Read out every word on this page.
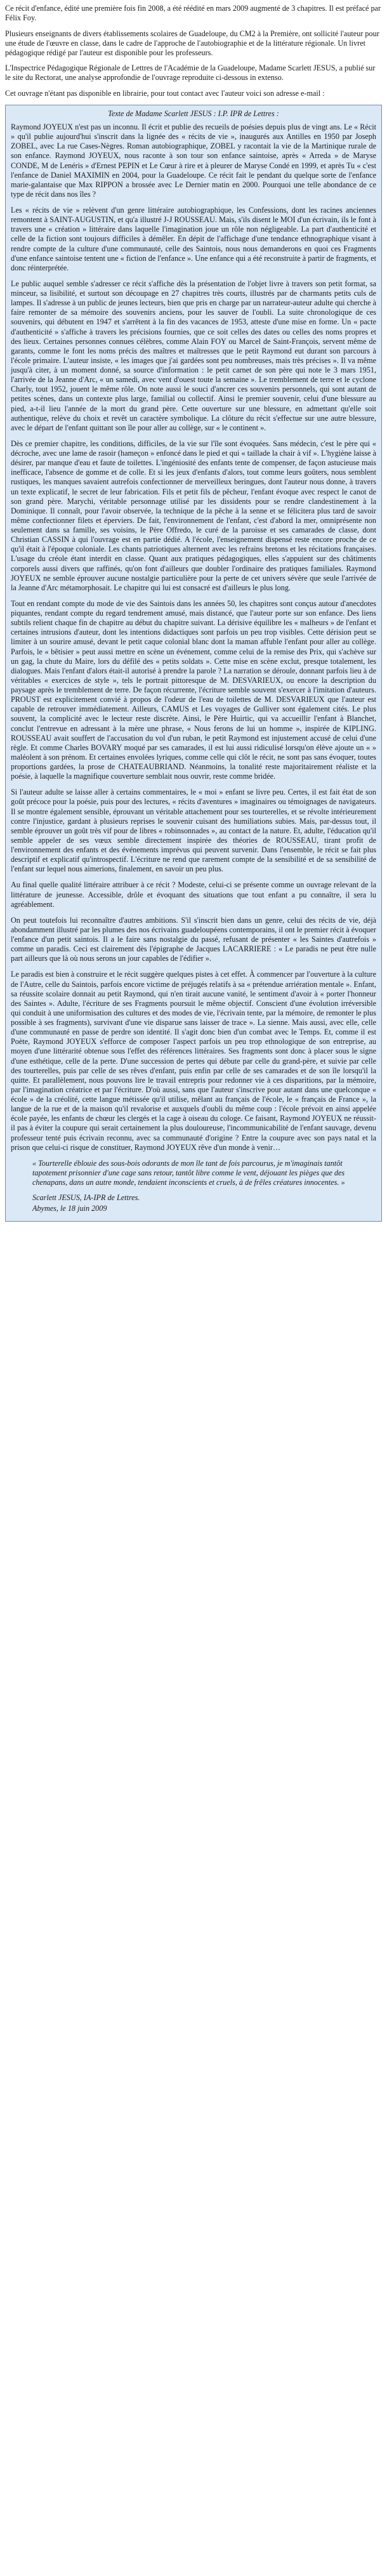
Ce récit d'enfance, édité une première fois fin 2008, a été réédité en mars 2009 augmenté de 3 chapitres. Il est préfacé par Félix Foy.

Plusieurs enseignants de divers établissements scolaires de Guadeloupe, du CM2 à la Première, ont sollicité l'auteur pour une étude de l'œuvre en classe, dans le cadre de l'approche de l'autobiographie et de la littérature régionale. Un livret pédagogique rédigé par l'auteur est disponible pour les professeurs.

L'Inspectrice Pédagogique Régionale de Lettres de l'Académie de la Guadeloupe, Madame Scarlett JESUS, a publié sur le site du Rectorat, une analyse approfondie de l'ouvrage reproduite ci-dessous in extenso.

Cet ouvrage n'étant pas disponible en librairie, pour tout contact avec l'auteur voici son adresse e-mail :

Texte de Madame Scarlett JESUS : I.P. IPR de Lettres :

Raymond JOYEUX n'est pas un inconnu. Il écrit et publie des recueils de poésies depuis plus de vingt ans. Le « Récit » qu'il publie aujourd'hui s'inscrit dans la lignée des « récits de vie », inaugurés aux Antilles en 1950 par Joseph ZOBEL, avec La rue Cases-Nègres. Roman autobiographique, ZOBEL y racontait la vie de la Martinique rurale de son enfance. Raymond JOYEUX, nous raconte à son tour son enfance saintoise, après « Arreda » de Maryse CONDE, M de Lenéris » d'Ernest PEPIN et Le Cœur à rire et à pleurer de Maryse Condé en 1999, et après Tu « c'est l'enfance de Daniel MAXIMIN en 2004, pour la Guadeloupe. Ce récit fait le pendant du quelque sorte de l'enfance marie-galantaise que Max RIPPON a brossée avec Le Dernier matin en 2000. Pourquoi une telle abondance de ce type de récit dans nos îles ?

Les « récits de vie » relèvent d'un genre littéraire autobiographique, les Confessions, dont les racines anciennes remontent à SAINT-AUGUSTIN, et qu'a illustré J-J ROUSSEAU. Mais, s'ils disent le MOI d'un écrivain, ils le font à travers une « création » littéraire dans laquelle l'imagination joue un rôle non négligeable. La part d'authenticité et celle de la fiction sont toujours difficiles à démêler. En dépit de l'affichage d'une tendance ethnographique visant à rendre compte de la culture d'une communauté, celle des Saintois, nous nous demanderons en quoi ces Fragments d'une enfance saintoise tentent une « fiction de l'enfance ». Une enfance qui a été reconstruite à partir de fragments, et donc réinterprétée.

Le public auquel semble s'adresser ce récit s'affiche dès la présentation de l'objet livre à travers son petit format, sa minceur, sa lisibilité, et surtout son découpage en 27 chapitres très courts, illustrés par de charmants petits culs de lampes. Il s'adresse à un public de jeunes lecteurs, bien que pris en charge par un narrateur-auteur adulte qui cherche à faire remonter de sa mémoire des souvenirs anciens, pour les sauver de l'oubli. La suite chronologique de ces souvenirs, qui débutent en 1947 et s'arrêtent à la fin des vacances de 1953, atteste d'une mise en forme. Un « pacte d'authenticité » s'affiche à travers les précisions fournies, que ce soit celles des dates ou celles des noms propres et des lieux. Certaines personnes connues célèbres, comme Alain FOY ou Marcel de Saint-François, servent même de garants, comme le font les noms précis des maîtres et maîtresses que le petit Raymond eut durant son parcours à l'école primaire. L'auteur insiste, « les images que j'ai gardées sont peu nombreuses, mais très précises ». Il va même jusqu'à citer, à un moment donné, sa source d'information : le petit carnet de son père qui note le 3 mars 1951, l'arrivée de la Jeanne d'Arc, « un samedi, avec vent d'ouest toute la semaine ». Le tremblement de terre et le cyclone Charly, tout 1952, jouent le même rôle. On note aussi le souci d'ancrer ces souvenirs personnels, qui sont autant de petites scènes, dans un contexte plus large, familial ou collectif. Ainsi le premier souvenir, celui d'une blessure au pied, a-t-il lieu l'année de la mort du grand père. Cette ouverture sur une blessure, en admettant qu'elle soit authentique, relève du choix et revêt un caractère symbolique. La clôture du récit s'effectue sur une autre blessure, avec le départ de l'enfant quittant son île pour aller au collège, sur « le continent ».

Dès ce premier chapitre, les conditions, difficiles, de la vie sur l'île sont évoquées. Sans médecin, c'est le père qui « décroche, avec une lame de rasoir (hameçon » enfoncé dans le pied et qui « taillade la chair à vif ». L'hygiène laisse à désirer, par manque d'eau et faute de toilettes. L'ingéniosité des enfants tente de compenser, de façon astucieuse mais inefficace, l'absence de gomme et de colle. Et si les jeux d'enfants d'alors, tout comme leurs goûters, nous semblent rustiques, les manques savaient autrefois confectionner de merveilleux beringues, dont l'auteur nous donne, à travers un texte explicatif, le secret de leur fabrication. Fils et petit fils de pêcheur, l'enfant évoque avec respect le canot de son grand père. Marychi, véritable personnage utilisé par les dissidents pour se rendre clandestinement à la Dominique. Il connaît, pour l'avoir observée, la technique de la pêche à la senne et se félicitera plus tard de savoir même confectionner filets et éperviers. De fait, l'environnement de l'enfant, c'est d'abord la mer, omniprésente non seulement dans sa famille, ses voisins, le Père Offredo, le curé de la paroisse et ses camarades de classe, dont Christian CASSIN à qui l'ouvrage est en partie dédié. A l'école, l'enseignement dispensé reste encore proche de ce qu'il était à l'époque coloniale. Les chants patriotiques alternent avec les refrains bretons et les récitations françaises. L'usage du créole étant interdit en classe. Quant aux pratiques pédagogiques, elles s'appuient sur des châtiments corporels aussi divers que raffinés, qu'on font d'ailleurs que doubler l'ordinaire des pratiques familiales. Raymond JOYEUX ne semble éprouver aucune nostalgie particulière pour la perte de cet univers sévère que seule l'arrivée de la Jeanne d'Arc métamorphosait. Le chapitre qui lui est consacré est d'ailleurs le plus long.

Tout en rendant compte du mode de vie des Saintois dans les années 50, les chapitres sont conçus autour d'anecdotes piquantes, rendant compte du regard tendrement amusé, mais distancé, que l'auteur porte sur son enfance. Des liens subtils relient chaque fin de chapitre au début du chapitre suivant. La dérisive équilibre les « malheurs » de l'enfant et certaines intrusions d'auteur, dont les intentions didactiques sont parfois un peu trop visibles. Cette dérision peut se limiter à un sourire amusé, devant le petit caque colonial blanc dont la maman affuble l'enfant pour aller au collège. Parfois, le « bêtisier » peut aussi mettre en scène un événement, comme celui de la remise des Prix, qui s'achève sur un gag, la chute du Maire, lors du défilé des « petits soldats ». Cette mise en scène exclut, presque totalement, les dialogues. Mais l'enfant d'alors était-il autorisé à prendre la parole ? La narration se déroule, donnant parfois lieu à de véritables « exercices de style », tels le portrait pittoresque de M. DESVARIEUX, ou encore la description du paysage après le tremblement de terre. De façon récurrente, l'écriture semble souvent s'exercer à l'imitation d'auteurs. PROUST est explicitement convié à propos de l'odeur de l'eau de toilettes de M. DESVARIEUX que l'auteur est capable de retrouver immédiatement. Ailleurs, CAMUS et Les voyages de Gulliver sont également cités. Le plus souvent, la complicité avec le lecteur reste discrète. Ainsi, le Père Huirtic, qui va accueillir l'enfant à Blanchet, conclut l'entrevue en adressant à la mère une phrase, « Nous ferons de lui un homme », inspirée de KIPLING. ROUSSEAU avait souffert de l'accusation du vol d'un ruban, le petit Raymond est injustement accusé de celui d'une règle. Et comme Charles BOVARY moqué par ses camarades, il est lui aussi ridiculisé lorsqu'on élève ajoute un « » maléolent à son prénom. Et certaines envolées lyriques, comme celle qui clôt le récit, ne sont pas sans évoquer, toutes proportions gardées, la prose de CHATEAUBRIAND. Néanmoins, la tonalité reste majoritairement réaliste et la poésie, à laquelle la magnifique couverture semblait nous ouvrir, reste comme bridée.

Si l'auteur adulte se laisse aller à certains commentaires, le « moi » enfant se livre peu. Certes, il est fait état de son goût précoce pour la poésie, puis pour des lectures, « récits d'aventures » imaginaires ou témoignages de navigateurs. Il se montre également sensible, éprouvant un véritable attachement pour ses tourterelles, et se révolte intérieurement contre l'injustice, gardant à plusieurs reprises le souvenir cuisant des humiliations subies. Mais, par-dessus tout, il semble éprouver un goût très vif pour de libres « robinsonnades », au contact de la nature. Et, adulte, l'éducation qu'il semble appeler de ses vœux semble directement inspirée des théories de ROUSSEAU, tirant profit de l'environnement des enfants et des événements imprévus qui peuvent survenir. Dans l'ensemble, le récit se fait plus descriptif et explicatif qu'introspectif. L'écriture ne rend que rarement compte de la sensibilité et de sa sensibilité de l'enfant sur lequel nous aimerions, finalement, en savoir un peu plus.

Au final quelle qualité littéraire attribuer à ce récit ? Modeste, celui-ci se présente comme un ouvrage relevant de la littérature de jeunesse. Accessible, drôle et évoquant des situations que tout enfant a pu connaître, il sera lu agréablement.

On peut toutefois lui reconnaître d'autres ambitions. S'il s'inscrit bien dans un genre, celui des récits de vie, déjà abondamment illustré par les plumes des nos écrivains guadeloupéens contemporains, il ont le premier récit à évoquer l'enfance d'un petit saintois. Il a le faire sans nostalgie du passé, refusant de présenter « les Saintes d'autrefois » comme un paradis. Ceci est clairement dès l'épigraphe de Jacques LACARRIERE : « Le paradis ne peut être nulle part ailleurs que là où nous serons un jour capables de l'édifier ».

Le paradis est bien à construire et le récit suggère quelques pistes à cet effet. À commencer par l'ouverture à la culture de l'Autre, celle du Saintois, parfois encore victime de préjugés relatifs à sa « prétendue arriération mentale ». Enfant, sa réussite scolaire donnait au petit Raymond, qui n'en tirait aucune vanité, le sentiment d'avoir à « porter l'honneur des Saintes ». Adulte, l'écriture de ses Fragments poursuit le même objectif. Conscient d'une évolution irréversible qui conduit à une uniformisation des cultures et des modes de vie, l'écrivain tente, par la mémoire, de remonter le plus possible à ses fragments), survivant d'une vie disparue sans laisser de trace ». La sienne. Mais aussi, avec elle, celle d'une communauté en passe de perdre son identité. Il s'agit donc bien d'un combat avec le Temps. Et, comme il est Poète, Raymond JOYEUX s'efforce de composer l'aspect parfois un peu trop ethnologique de son entreprise, au moyen d'une littérarité obtenue sous l'effet des références littéraires. Ses fragments sont donc à placer sous le signe d'une esthétique, celle de la perte. D'une succession de pertes qui débute par celle du grand-père, et suivie par celle des tourterelles, puis par celle de ses rêves d'enfant, puis enfin par celle de ses camarades et de son île lorsqu'il la quitte. Et parallèlement, nous pouvons lire le travail entrepris pour redonner vie à ces disparitions, par la mémoire, par l'imagination créatrice et par l'écriture. D'où aussi, sans que l'auteur s'inscrive pour autant dans une quelconque « école » de la créolité, cette langue métissée qu'il utilise, mêlant au français de l'école, le « français de France », la langue de la rue et de la maison qu'il revalorise et auxquels d'oubli du même coup : l'école prévoit en ainsi appelée école payée, les enfants de chœur les clergés et la cage à oiseau du cologe. Ce faisant, Raymond JOYEUX ne réussit-il pas à éviter la coupure qui serait certainement la plus douloureuse, l'incommunicabilité de l'enfant sauvage, devenu professeur tenté puis écrivain reconnu, avec sa communauté d'origine ? Entre la coupure avec son pays natal et la prison que celui-ci risque de constituer, Raymond JOYEUX rêve d'un monde à venir…

« Tourterelle éblouie des sous-bois odorants de mon île tant de fois parcourus, je m'imaginais tantôt tapotement prisonnier d'une cage sans retour, tantôt libre comme le vent, déjouant les pièges que des chenapans, dans un autre monde, tendaient inconscients et cruels, à de frêles créatures innocentes. »
Scarlett JESUS, IA-IPR de Lettres.
Abymes, le 18 juin 2009
